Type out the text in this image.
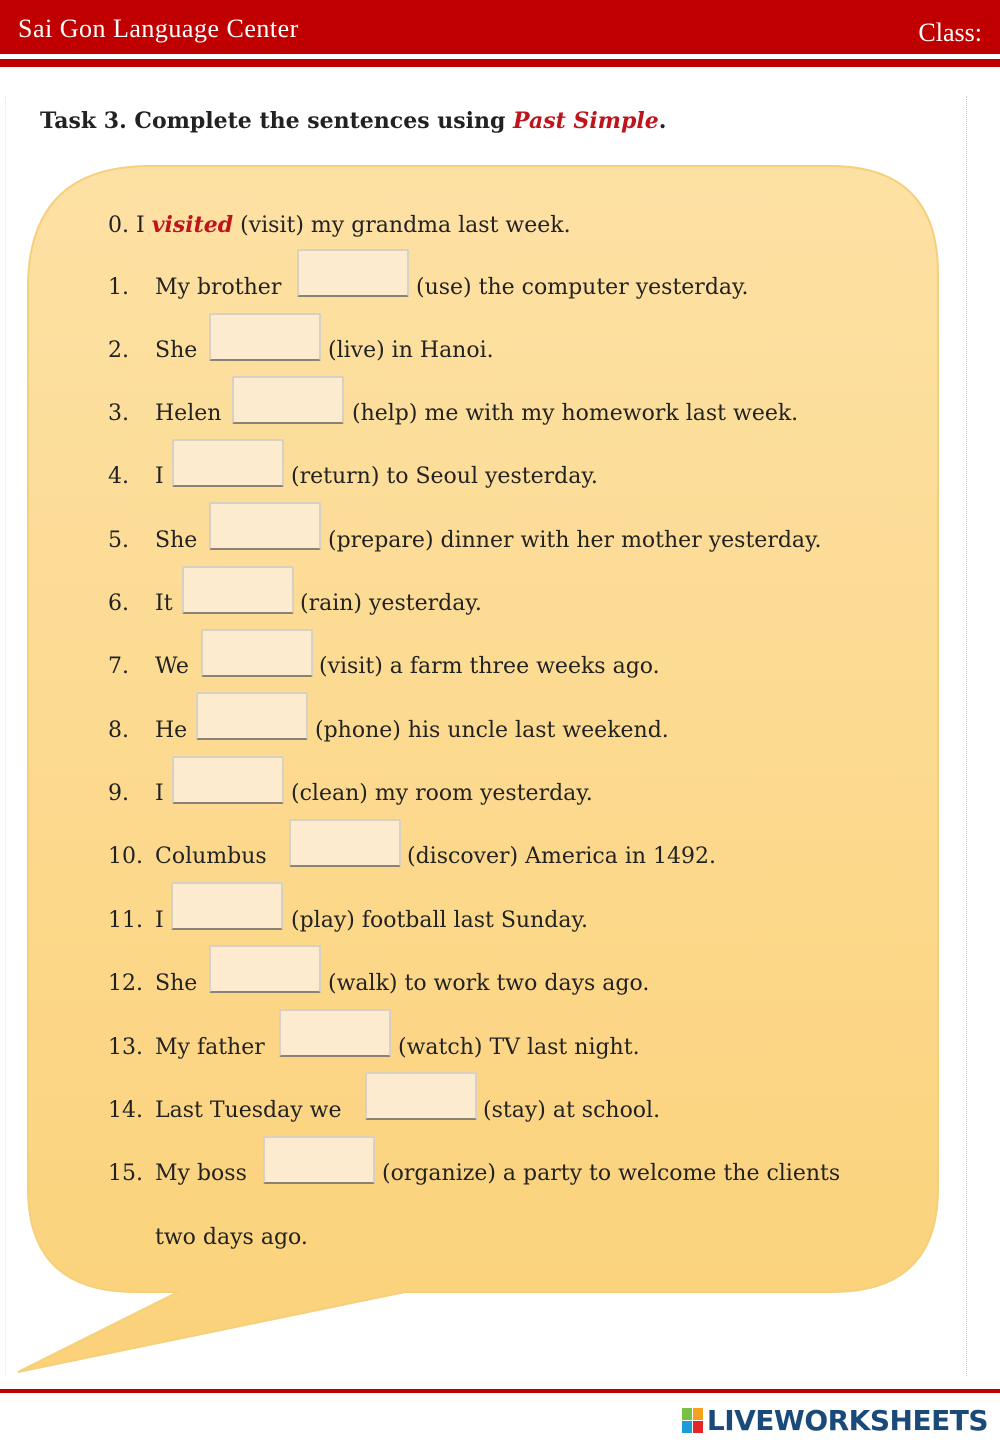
Sai Gon Language Center	Class:
Task 3. Complete the sentences using Past Simple.
0. I visited (visit) my grandma last week.
1. My brother	(use) the computer yesterday.
2. She	(live) in Hanoi.
3. Helen	(help) me with my homework last week.
4. I	(return) to Seoul yesterday.
5. She	(prepare) dinner with her mother yesterday.
6. It	(rain) yesterday.
7. We	(visit) a farm three weeks ago.
8. He	(phone) his uncle last weekend.
9. I	(clean) my room yesterday.
10. Columbus	(discover) America in 1492.
11. I	(play) football last Sunday.
12. She	(walk) to work two days ago.
13. My father	(watch) TV last night.
14. Last Tuesday we	(stay) at school.
15. My boss	(organize) a party to welcome the clients
two days ago.
LIVEWORKSHEETS
